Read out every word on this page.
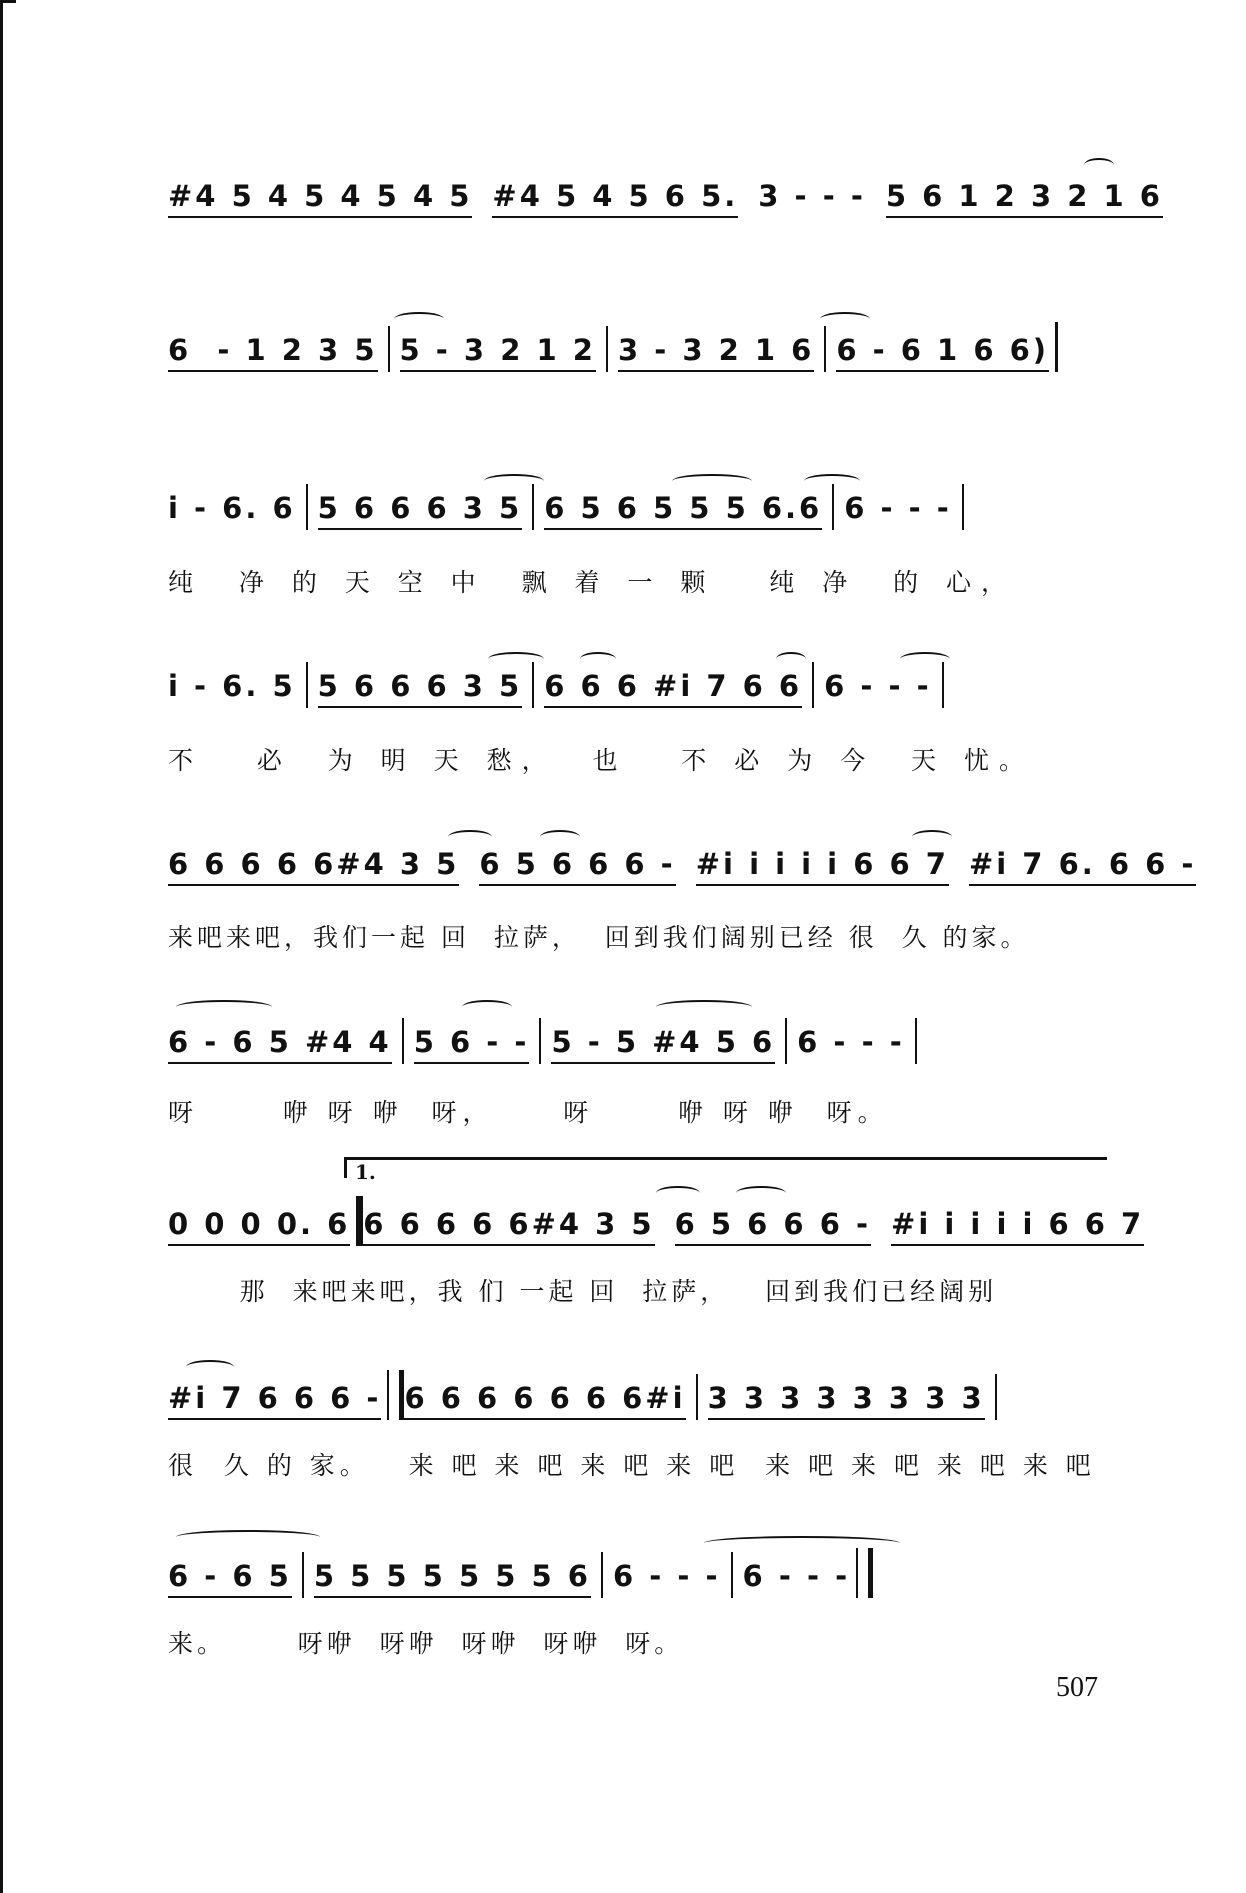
#4 5 4 5 4 5 4 5 #4 5 4 5 6 5. 3 - - - 5 6 1 2 3 2 1 6
6  - 1 2 3 5 5 - 3 2 1 2 3 - 3 2 1 6 6 - 6 1 6 6)
i - 6. 6 5 6 6 6 3 5 6 5 6 5 5 5 6.6 6 - - -
纯  净 的 天 空 中  飘 着 一 颗   纯 净  的 心，
i - 6. 5 5 6 6 6 3 5 6 6 6 #i 7 6 6 6 - - -
不   必  为 明 天 愁，  也   不 必 为 今  天 忧。
6 6 6 6 6#4 3 5 6 5 6 6 6 - #i i i i i 6 6 7 #i 7 6. 6 6 -
来吧来吧，我们一起 回  拉萨，  回到我们阔别已经 很  久 的家。
6 - 6 5 #4 4 5 6 - - 5 - 5 #4 5 6 6 - - -
呀      咿 呀 咿  呀，     呀      咿 呀 咿  呀。
1.
0 0 0 0. 6 6 6 6 6 6#4 3 5 6 5 6 6 6 - #i i i i i 6 6 7
那  来吧来吧，我 们 一起 回  拉萨，   回到我们已经阔别
#i 7 6 6 6 - 6 6 6 6 6 6 6#i 3 3 3 3 3 3 3 3
很  久 的 家。   来 吧 来 吧 来 吧 来 吧  来 吧 来 吧 来 吧 来 吧
6 - 6 5 5 5 5 5 5 5 5 6 6 - - - 6 - - -
来。      呀咿  呀咿  呀咿  呀咿  呀。
507
